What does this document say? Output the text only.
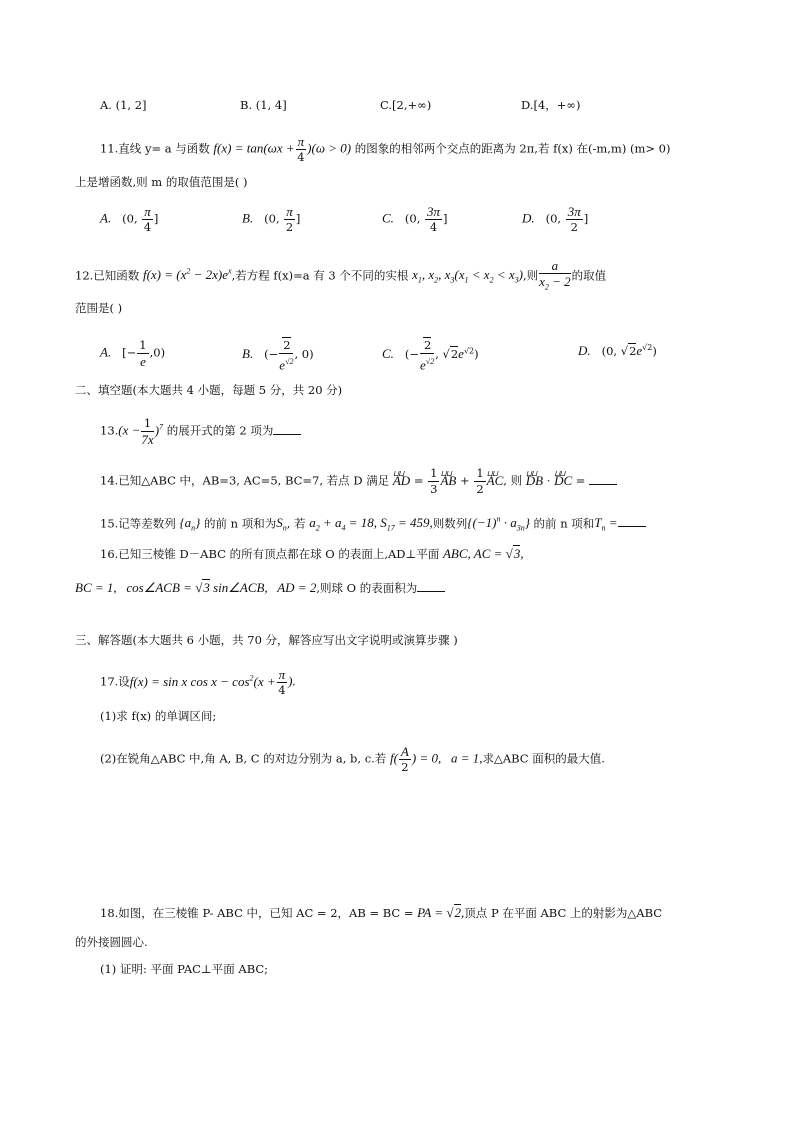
A. (1, 2]	B. (1, 4]	C.[2,+∞)	D.[4，+∞)
11.直线 y= a 与函数 $f(x) = \tan(\omega x + \frac{\pi}{4} )(\omega > 0)$ 的图象的相邻两个交点的距离为 2π,若 f(x) 在(-m,m) (m> 0)
上是增函数,则 m 的取值范围是( )
A.   (0, $\frac{\pi}{4}$ ]	B.   (0, $\frac{\pi}{2}$ ]	C.   (0, $\frac{3\pi}{4}$ ]	D.   (0, $\frac{3\pi}{2}$ ]
12.已知函数 $f(x) = (x^2 - 2x)e^x$,若方程 f(x)=a 有 3 个不同的实根 $x_1$, $x_2$, $x_3(x_1 < x_2 < x_3)$,则 $\frac{a}{x_2 - 2}$ 的取值
范围是( )
A.   [− $\frac{1}{e} ,0$)	B.   (− $\frac{2}{e^{√2}}$ , 0)	C.   (− $\frac{2}{e^{√2}}$ , $√2e^{√2}$)	D.   (0, $√2e^{√2}$)
二、填空题(本大题共 4 小题，每题 5 分，共 20 分)
$13.(x - \frac{1}{7x} )^7$ 的展开式的第 2 项为
14.已知△ABC 中，AB=3, AC=5, BC=7, 若点 D 满足 ⊔⊔ AD = $\frac{1}{3}$ ⊔⊔ AB + $\frac{1}{2}$ ⊔⊔ AC, 则 ⊔⊔ DB · ⊔⊔ DC =
15.记等差数列 $\{a_n\}$ 的前 n 项和为$S_n$, 若 $a_2 + a_4 = 18$, $S_{17} = 459$,则数列$\{(-1)^n \cdot a_{3n}\}$ 的前 n 项和$T_n$ =
16.已知三棱锥 D－ABC 的所有顶点都在球 O 的表面上,AD⊥平面 ABC, AC = √3,
BC = 1,   cos∠ACB = √3 sin∠ACB,   AD = 2,则球 O 的表面积为
三、解答题(本大题共 6 小题，共 70 分，解答应写出文字说明或演算步骤 )
17.设f(x) = sin x $\cos x - \cos^2(x + \frac{\pi}{4}$ ).
(1)求 f(x) 的单调区间;
(2)在锐角△ABC 中,角 A, B, C 的对边分别为 a, b, c.若 $f( \frac{A}{2}$ ) = 0,   a = 1,求△ABC 面积的最大值.
18.如图，在三棱锥 P- ABC 中，已知 AC = 2，AB = BC = PA = √2,顶点 P 在平面 ABC 上的射影为△ABC
的外接圆圆心.
(1) 证明: 平面 PAC⊥平面 ABC;
